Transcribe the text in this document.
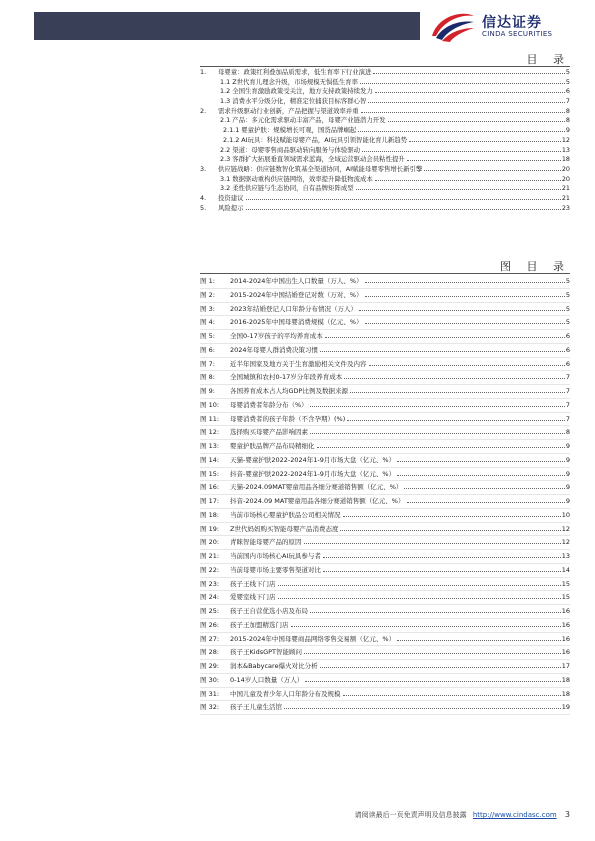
信达证券
CINDA SECURITIES
目 录
1.	母婴童：政策红利叠加品质需求，低生育率下行业演进	5
1.1 Z世代育儿理念升级，市场规模无惧低生育率	5
1.2 全国生育激励政策受关注，地方支持政策持续发力	6
1.3 消费水平分级分化，精准定位捕获目标客群心智	7
2.	需求升级驱动行业创新，产品把握与渠道效率并重	8
2.1 产品：多元化需求驱动丰富产品，母婴产业链潜力开发	8
2.1.1 婴童护肤：规模增长可观，国货品牌崛起	9
2.1.2 AI玩具：科技赋能母婴产品，AI玩具引领智能化育儿新趋势	12
2.2 渠道：母婴零售商品驱动转向服务与体验驱动	13
2.3 客群扩大拓展垂直领域需求蓝海，全域运营驱动会员粘性提升	18
3.	供应链战略：供应链数智化筑基全渠道协同，AI赋能母婴零售增长新引擎	20
3.1 数据驱动重构供应链网络，效率提升降低物流成本	20
3.2 柔性供应链与生态协同，自有品牌矩阵成型	21
4.	投资建议	21
5.	风险提示	23
图 目 录
图 1:	2014-2024年中国出生人口数量（万人、%）	5
图 2:	2015-2024年中国结婚登记对数（万对、%）	5
图 3:	2023年结婚登记人口年龄分布情况（万人）	5
图 4:	2016-2025年中国母婴消费规模（亿元、%）	5
图 5:	全国0-17岁孩子的平均养育成本	6
图 6:	2024年母婴人群消费决策习惯	6
图 7:	近半年国家及地方关于生育激励相关文件及内容	6
图 8:	全国城镇和农村0-17岁分年段养育成本	7
图 9:	各国养育成本占人均GDP比例及数据来源	7
图 10:	母婴消费者年龄分布（%）	7
图 11:	母婴消费者的孩子年龄（不含孕期）(%)	7
图 12:	选择购买母婴产品影响因素	8
图 13:	婴童护肤品牌产品布局精细化	9
图 14:	天猫-婴童护肤2022-2024年1-9月市场大盘（亿元、%）	9
图 15:	抖音-婴童护肤2022-2024年1-9月市场大盘（亿元、%）	9
图 16:	天猫-2024.09MAT婴童用品各细分赛道销售额（亿元、%）	9
图 17:	抖音-2024.09 MAT婴童用品各细分赛道销售额（亿元、%）	9
图 18:	当前市场核心婴童护肤品公司相关情况	10
图 19:	Z世代妈妈购买智能母婴产品消费态度	12
图 20:	青睐智能母婴产品的原因	12
图 21:	当前国内市场核心AI玩具参与者	13
图 22:	当前母婴市场主要零售渠道对比	14
图 23:	孩子王线下门店	15
图 24:	爱婴室线下门店	15
图 25:	孩子王自营优选小店及布局	16
图 26:	孩子王加盟精选门店	16
图 27:	2015-2024年中国母婴商品网络零售交易额（亿元、%）	16
图 28:	孩子王KidsGPT智能顾问	16
图 29:	润本&Babycare爆火对比分析	17
图 30:	0-14岁人口数量（万人）	18
图 31:	中国儿童及青少年人口年龄分布及规模	18
图 32:	孩子王儿童生活馆	19
请阅读最后一页免责声明及信息披露 http://www.cindasc.com 3
